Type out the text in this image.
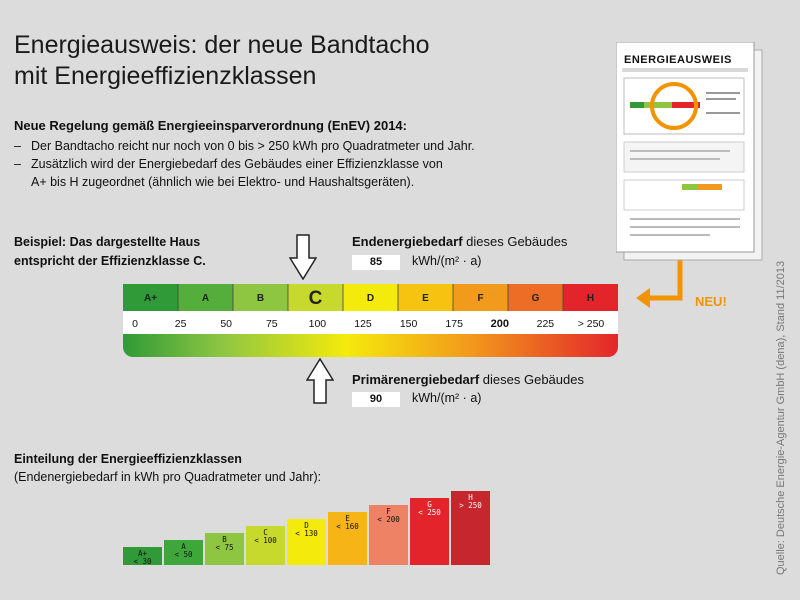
Energieausweis: der neue Bandtacho
mit Energieeffizienzklassen
Neue Regelung gemäß Energieeinsparverordnung (EnEV) 2014:
– Der Bandtacho reicht nur noch von 0 bis > 250 kWh pro Quadratmeter und Jahr.
– Zusätzlich wird der Energiebedarf des Gebäudes einer Effizienzklasse von
A+ bis H zugeordnet (ähnlich wie bei Elektro- und Haushaltsgeräten).
Beispiel: Das dargestellte Haus
entspricht der Effizienzklasse C.
Endenergiebedarf dieses Gebäudes
85	kWh/(m² · a)
Primärenergiebedarf dieses Gebäudes
90	kWh/(m² · a)
A+	A	B C	D	E	F	G	H
0	25	50	75	100	125	150	175	200	225 > 250
NEU!
ENERGIEAUSWEIS
Einteilung der Energieeffizienzklassen
(Endenergiebedarf in kWh pro Quadratmeter und Jahr):
A+
< 30
A
< 50
B
< 75
C
< 100
D
< 130
E
< 160
F
< 200
G
< 250
H
> 250	Quelle: Deutsche Energie-Agentur GmbH (dena), Stand 11/2013
